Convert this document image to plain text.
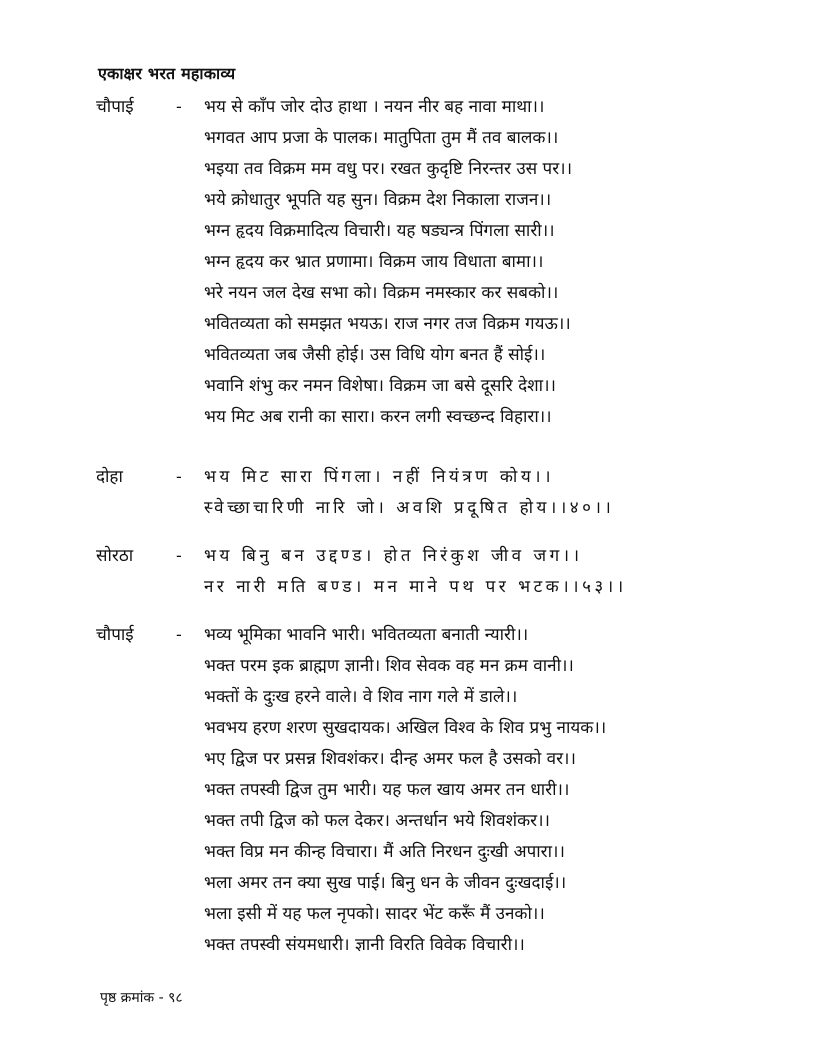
एकाक्षर भरत महाकाव्य
चौपाई - भय से काँप जोर दोउ हाथा । नयन नीर बह नावा माथा।।
भगवत आप प्रजा के पालक। मातुपिता तुम मैं तव बालक।।
भइया तव विक्रम मम वधु पर। रखत कुदृष्टि निरन्तर उस पर।।
भये क्रोधातुर भूपति यह सुन। विक्रम देश निकाला राजन।।
भग्न हृदय विक्रमादित्य विचारी। यह षड्यन्त्र पिंगला सारी।।
भग्न हृदय कर भ्रात प्रणामा। विक्रम जाय विधाता बामा।।
भरे नयन जल देख सभा को। विक्रम नमस्कार कर सबको।।
भवितव्यता को समझत भयऊ। राज नगर तज विक्रम गयऊ।।
भवितव्यता जब जैसी होई। उस विधि योग बनत हैं सोई।।
भवानि शंभु कर नमन विशेषा। विक्रम जा बसे दूसरि देशा।।
भय मिट अब रानी का सारा। करन लगी स्वच्छन्द विहारा।।
दोहा	- भय मिट सारा पिंगला। नहीं नियंत्रण कोय।।
स्वेच्छाचारिणी नारि जो। अवशि प्रदूषित होय।।४०।।
सोरठा	- भय बिनु बन उद्दण्ड। होत निरंकुश जीव जग।।
नर नारी मति बण्ड। मन माने पथ पर भटक।।५३।।
चौपाई - भव्य भूमिका भावनि भारी। भवितव्यता बनाती न्यारी।।
भक्त परम इक ब्राह्मण ज्ञानी। शिव सेवक वह मन क्रम वानी।।
भक्तों के दुःख हरने वाले। वे शिव नाग गले में डाले।।
भवभय हरण शरण सुखदायक। अखिल विश्व के शिव प्रभु नायक।।
भए द्विज पर प्रसन्न शिवशंकर। दीन्ह अमर फल है उसको वर।।
भक्त तपस्वी द्विज तुम भारी। यह फल खाय अमर तन धारी।।
भक्त तपी द्विज को फल देकर। अन्तर्धान भये शिवशंकर।।
भक्त विप्र मन कीन्ह विचारा। मैं अति निरधन दुःखी अपारा।।
भला अमर तन क्या सुख पाई। बिनु धन के जीवन दुःखदाई।।
भला इसी में यह फल नृपको। सादर भेंट करूँ मैं उनको।।
भक्त तपस्वी संयमधारी। ज्ञानी विरति विवेक विचारी।।
पृष्ठ क्रमांक - ९८
